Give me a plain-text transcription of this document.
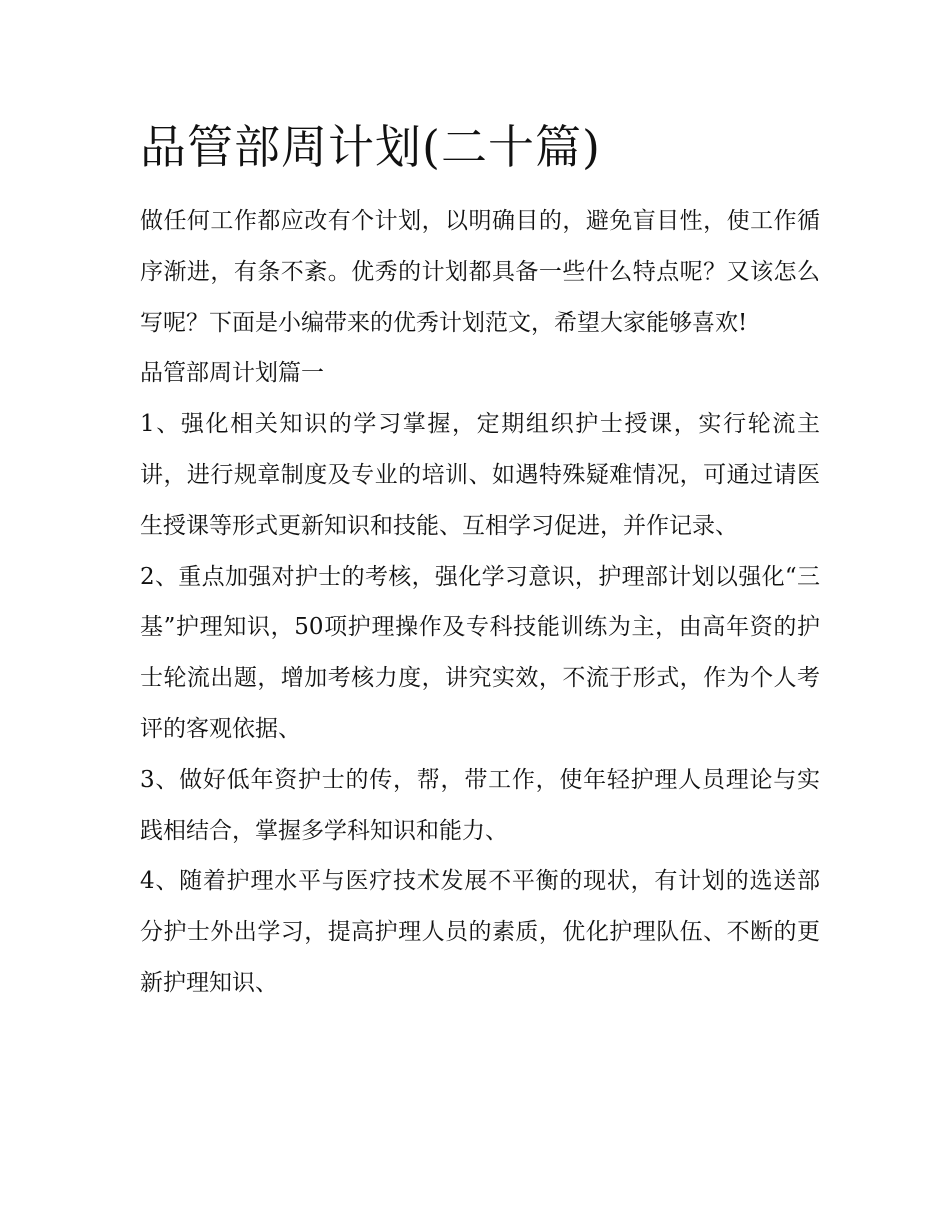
品管部周计划(二十篇)

做任何工作都应改有个计划，以明确目的，避免盲目性，使工作循序渐进，有条不紊。优秀的计划都具备一些什么特点呢？又该怎么写呢？下面是小编带来的优秀计划范文，希望大家能够喜欢!

品管部周计划篇一

1、强化相关知识的学习掌握，定期组织护士授课，实行轮流主讲，进行规章制度及专业的培训、如遇特殊疑难情况，可通过请医生授课等形式更新知识和技能、互相学习促进，并作记录、

2、重点加强对护士的考核，强化学习意识，护理部计划以强化“三基”护理知识，50项护理操作及专科技能训练为主，由高年资的护士轮流出题，增加考核力度，讲究实效，不流于形式，作为个人考评的客观依据、

3、做好低年资护士的传，帮，带工作，使年轻护理人员理论与实践相结合，掌握多学科知识和能力、

4、随着护理水平与医疗技术发展不平衡的现状，有计划的选送部分护士外出学习，提高护理人员的素质，优化护理队伍、不断的更新护理知识、
